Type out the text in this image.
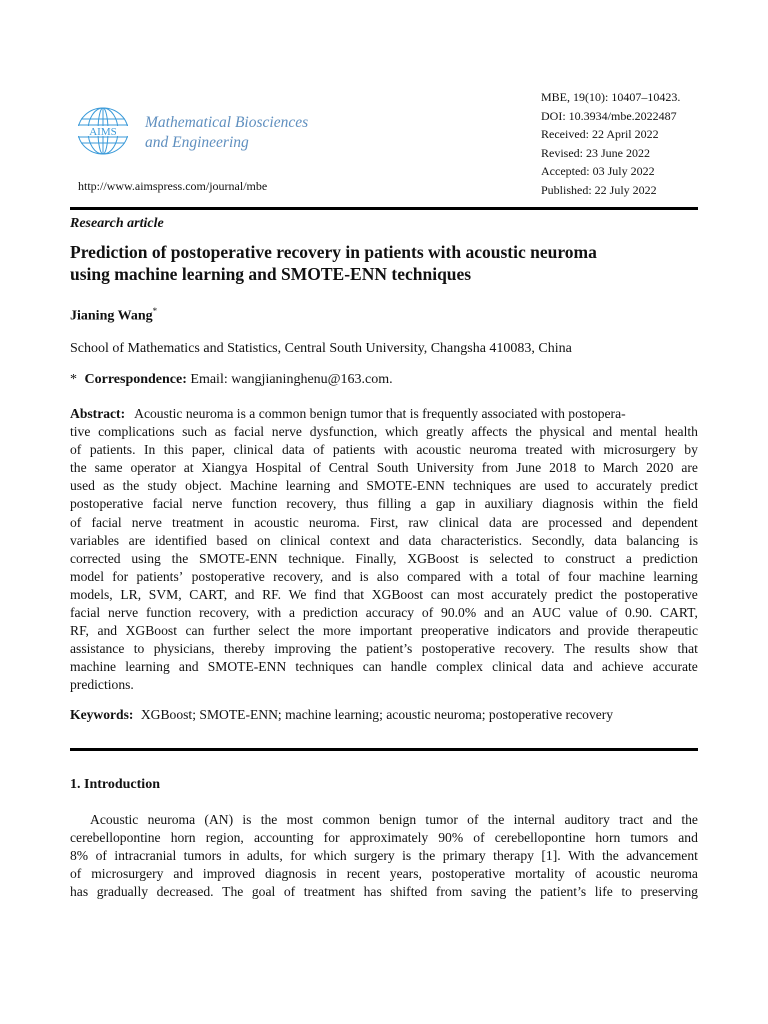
AIMS
Mathematical Biosciences
and Engineering
http://www.aimspress.com/journal/mbe
MBE, 19(10): 10407–10423.
DOI: 10.3934/mbe.2022487
Received: 22 April 2022
Revised: 23 June 2022
Accepted: 03 July 2022
Published: 22 July 2022
Research article
Prediction of postoperative recovery in patients with acoustic neuroma
using machine learning and SMOTE-ENN techniques
Jianing Wang*
School of Mathematics and Statistics, Central South University, Changsha 410083, China
* Correspondence: Email: wangjianinghenu@163.com.
Abstract: Acoustic neuroma is a common benign tumor that is frequently associated with postopera-
tive complications such as facial nerve dysfunction, which greatly affects the physical and mental health
of patients. In this paper, clinical data of patients with acoustic neuroma treated with microsurgery by
the same operator at Xiangya Hospital of Central South University from June 2018 to March 2020 are
used as the study object. Machine learning and SMOTE-ENN techniques are used to accurately predict
postoperative facial nerve function recovery, thus filling a gap in auxiliary diagnosis within the field
of facial nerve treatment in acoustic neuroma. First, raw clinical data are processed and dependent
variables are identified based on clinical context and data characteristics. Secondly, data balancing is
corrected using the SMOTE-ENN technique. Finally, XGBoost is selected to construct a prediction
model for patients’ postoperative recovery, and is also compared with a total of four machine learning
models, LR, SVM, CART, and RF. We find that XGBoost can most accurately predict the postoperative
facial nerve function recovery, with a prediction accuracy of 90.0% and an AUC value of 0.90. CART,
RF, and XGBoost can further select the more important preoperative indicators and provide therapeutic
assistance to physicians, thereby improving the patient’s postoperative recovery. The results show that
machine learning and SMOTE-ENN techniques can handle complex clinical data and achieve accurate
predictions.
Keywords: XGBoost; SMOTE-ENN; machine learning; acoustic neuroma; postoperative recovery
1. Introduction
Acoustic neuroma (AN) is the most common benign tumor of the internal auditory tract and the
cerebellopontine horn region, accounting for approximately 90% of cerebellopontine horn tumors and
8% of intracranial tumors in adults, for which surgery is the primary therapy [1]. With the advancement
of microsurgery and improved diagnosis in recent years, postoperative mortality of acoustic neuroma
has gradually decreased. The goal of treatment has shifted from saving the patient’s life to preserving
